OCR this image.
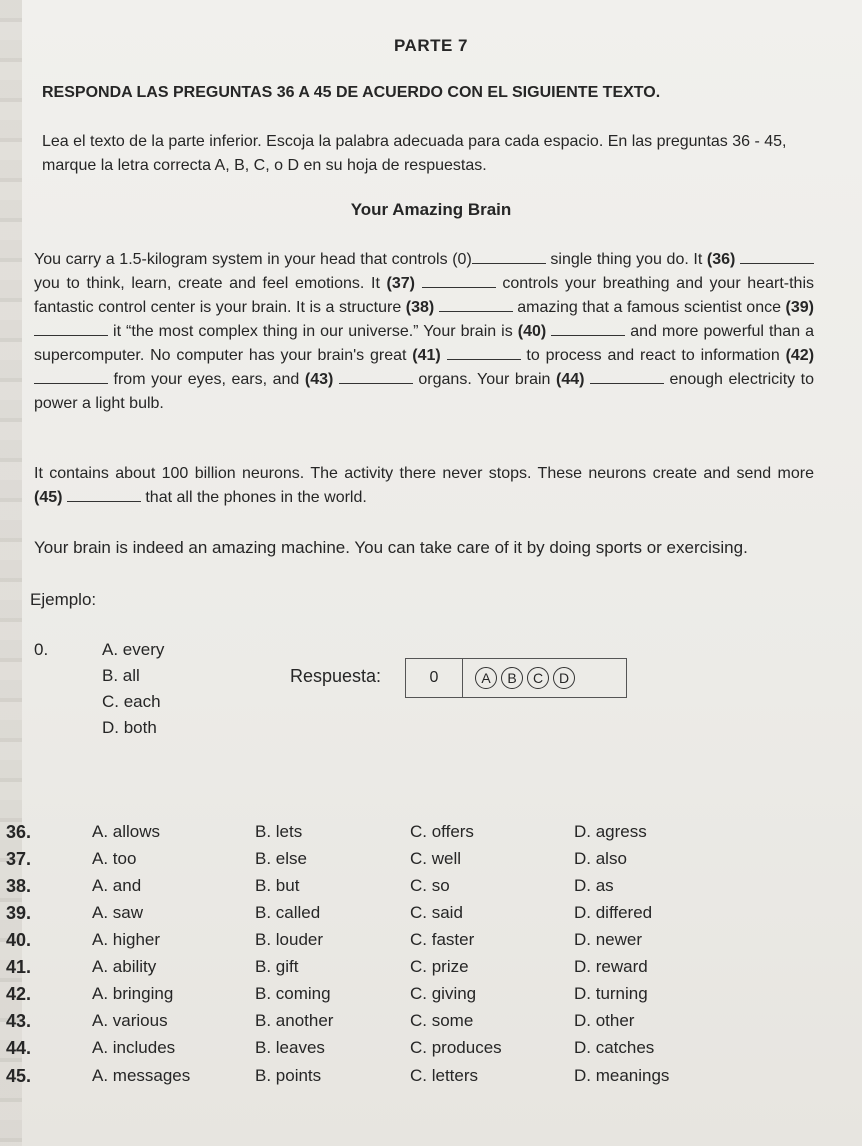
PARTE 7
RESPONDA LAS PREGUNTAS 36 A 45 DE ACUERDO CON EL SIGUIENTE TEXTO.
Lea el texto de la parte inferior. Escoja la palabra adecuada para cada espacio. En las preguntas 36 - 45, marque la letra correcta A, B, C, o D en su hoja de respuestas.
Your Amazing Brain
You carry a 1.5-kilogram system in your head that controls (0)	single thing you do. It (36)  you to think, learn, create and feel emotions. It (37)	controls your breathing and your heart-this fantastic control center is your brain. It is a structure (38)	amazing that a famous scientist once (39)  it “the most complex thing in our universe.” Your brain is (40)	and more powerful than a supercomputer. No computer has your brain's great (41)	to process and react to information (42)  from your eyes, ears, and (43)	organs. Your brain (44)	enough electricity to power a light bulb.
It contains about 100 billion neurons. The activity there never stops. These neurons create and send more (45)	that all the phones in the world.
Your brain is indeed an amazing machine. You can take care of it by doing sports or exercising.
Ejemplo:
0.	A. every
B. all
C. each
D. both
Respuesta:	0	A	B	C	D
36.	A. allows	B. lets	C. offers	D. agress
37.	A. too	B. else	C. well	D. also
38.	A. and	B. but	C. so	D. as
39.	A. saw	B. called	C. said	D. differed
40.	A. higher	B. louder	C. faster	D. newer
41.	A. ability	B. gift	C. prize	D. reward
42.	A. bringing	B. coming	C. giving	D. turning
43.	A. various	B. another	C. some	D. other
44.	A. includes	B. leaves	C. produces	D. catches
45.	A. messages	B. points	C. letters	D. meanings
